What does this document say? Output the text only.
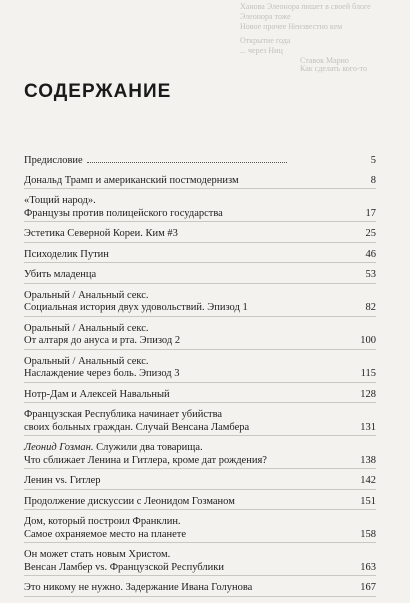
Ханова Элеонора пишет в своей блоге
Элеонора тоже
Новое прочее Неизвестно кем
Открытие года
... через Ниц
Ставок Марио
Как сделать кого-то
СОДЕРЖАНИЕ
Предисловие	5
Дональд Трамп и американский постмодернизм	8
«Тощий народ».
Французы против полицейского государства	17
Эстетика Северной Кореи. Ким #3	25
Психоделик Путин	46
Убить младенца	53
Оральный / Анальный секс.
Социальная история двух удовольствий. Эпизод 1	82
Оральный / Анальный секс.
От алтаря до ануса и рта. Эпизод 2	100
Оральный / Анальный секс.
Наслаждение через боль. Эпизод 3	115
Нотр-Дам и Алексей Навальный	128
Французская Республика начинает убийства
своих больных граждан. Случай Венсана Ламбера	131
Леонид Гозман. Служили два товарища.
Что сближает Ленина и Гитлера, кроме дат рождения?	138
Ленин vs. Гитлер	142
Продолжение дискуссии с Леонидом Гозманом	151
Дом, который построил Франклин.
Самое охраняемое место на планете	158
Он может стать новым Христом.
Венсан Ламбер vs. Французской Республики	163
Это никому не нужно. Задержание Ивана Голунова	167
